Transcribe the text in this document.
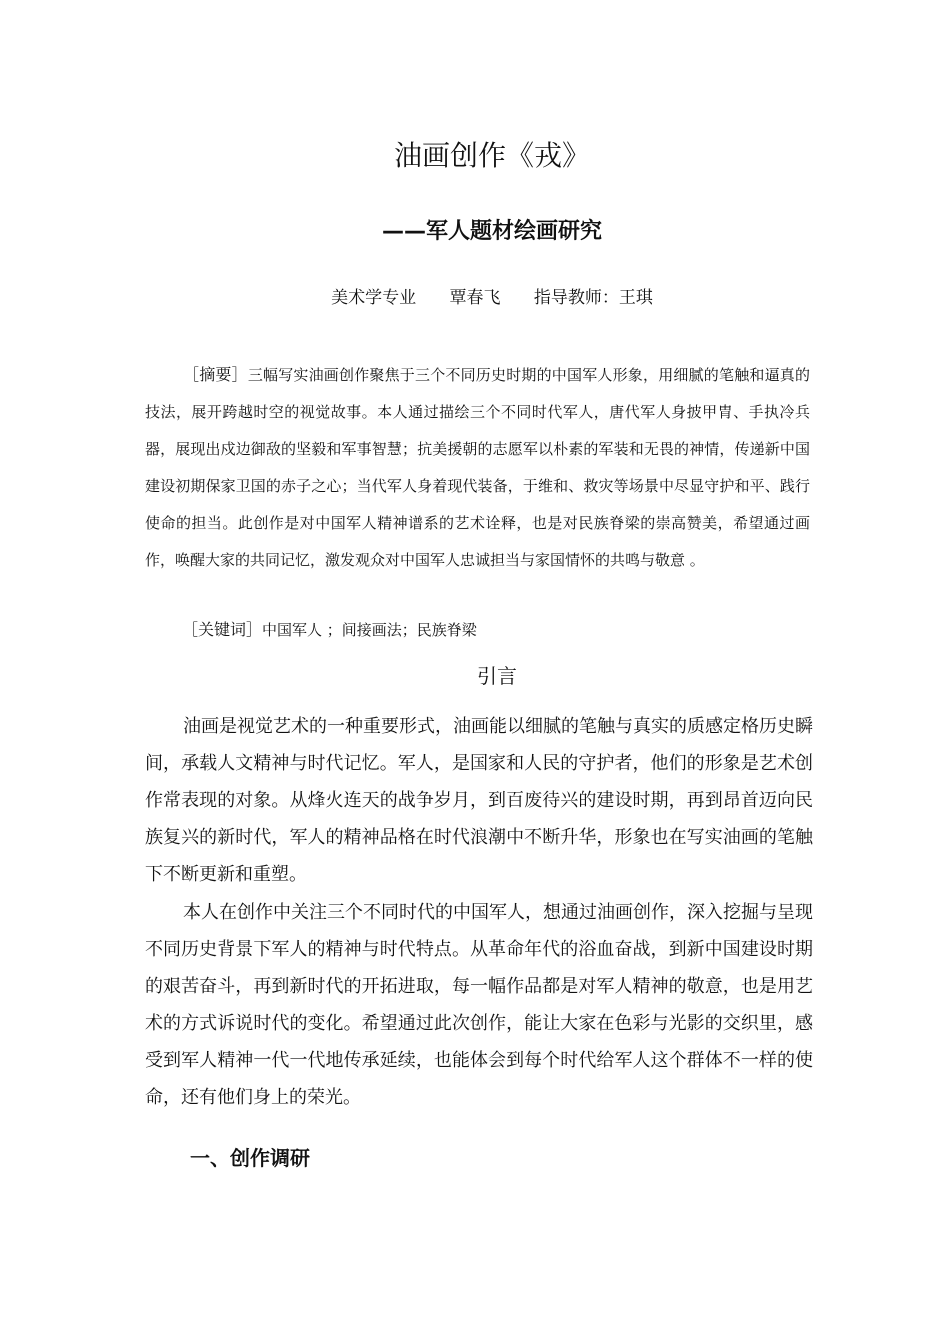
油画创作《戎》
——军人题材绘画研究
美术学专业 覃春飞 指导教师：王琪

［摘要］三幅写实油画创作聚焦于三个不同历史时期的中国军人形象，用细腻的笔触和逼真的技法，展开跨越时空的视觉故事。本人通过描绘三个不同时代军人，唐代军人身披甲胄、手执冷兵器，展现出戍边御敌的坚毅和军事智慧；抗美援朝的志愿军以朴素的军装和无畏的神情，传递新中国建设初期保家卫国的赤子之心；当代军人身着现代装备，于维和、救灾等场景中尽显守护和平、践行使命的担当。此创作是对中国军人精神谱系的艺术诠释，也是对民族脊梁的崇高赞美，希望通过画作，唤醒大家的共同记忆，激发观众对中国军人忠诚担当与家国情怀的共鸣与敬意 。

［关键词］中国军人 ；间接画法；民族脊梁

引言

油画是视觉艺术的一种重要形式，油画能以细腻的笔触与真实的质感定格历史瞬间，承载人文精神与时代记忆。军人，是国家和人民的守护者，他们的形象是艺术创作常表现的对象。从烽火连天的战争岁月，到百废待兴的建设时期，再到昂首迈向民族复兴的新时代，军人的精神品格在时代浪潮中不断升华，形象也在写实油画的笔触下不断更新和重塑。

本人在创作中关注三个不同时代的中国军人，想通过油画创作，深入挖掘与呈现不同历史背景下军人的精神与时代特点。从革命年代的浴血奋战，到新中国建设时期的艰苦奋斗，再到新时代的开拓进取，每一幅作品都是对军人精神的敬意，也是用艺术的方式诉说时代的变化。希望通过此次创作，能让大家在色彩与光影的交织里，感受到军人精神一代一代地传承延续，也能体会到每个时代给军人这个群体不一样的使命，还有他们身上的荣光。

一、创作调研
